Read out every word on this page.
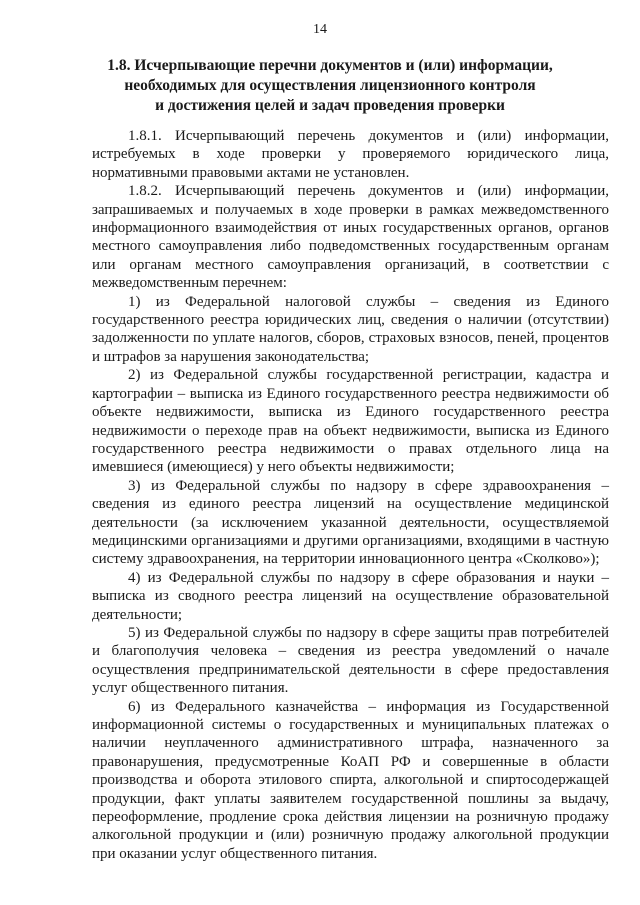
14
1.8. Исчерпывающие перечни документов и (или) информации,
необходимых для осуществления лицензионного контроля
и достижения целей и задач проведения проверки

1.8.1. Исчерпывающий перечень документов и (или) информации, истребуемых в ходе проверки у проверяемого юридического лица, нормативными правовыми актами не установлен.

1.8.2. Исчерпывающий перечень документов и (или) информации, запрашиваемых и получаемых в ходе проверки в рамках межведомственного информационного взаимодействия от иных государственных органов, органов местного самоуправления либо подведомственных государственным органам или органам местного самоуправления организаций, в соответствии с межведомственным перечнем:

1) из Федеральной налоговой службы – сведения из Единого государственного реестра юридических лиц, сведения о наличии (отсутствии) задолженности по уплате налогов, сборов, страховых взносов, пеней, процентов и штрафов за нарушения законодательства;

2) из Федеральной службы государственной регистрации, кадастра и картографии – выписка из Единого государственного реестра недвижимости об объекте недвижимости, выписка из Единого государственного реестра недвижимости о переходе прав на объект недвижимости, выписка из Единого государственного реестра недвижимости о правах отдельного лица на имевшиеся (имеющиеся) у него объекты недвижимости;

3) из Федеральной службы по надзору в сфере здравоохранения – сведения из единого реестра лицензий на осуществление медицинской деятельности (за исключением указанной деятельности, осуществляемой медицинскими организациями и другими организациями, входящими в частную систему здравоохранения, на территории инновационного центра «Сколково»);

4) из Федеральной службы по надзору в сфере образования и науки – выписка из сводного реестра лицензий на осуществление образовательной деятельности;

5) из Федеральной службы по надзору в сфере защиты прав потребителей и благополучия человека – сведения из реестра уведомлений о начале осуществления предпринимательской деятельности в сфере предоставления услуг общественного питания.

6) из Федерального казначейства – информация из Государственной информационной системы о государственных и муниципальных платежах о наличии неуплаченного административного штрафа, назначенного за правонарушения, предусмотренные КоАП РФ и совершенные в области производства и оборота этилового спирта, алкогольной и спиртосодержащей продукции, факт уплаты заявителем государственной пошлины за выдачу, переоформление, продление срока действия лицензии на розничную продажу алкогольной продукции и (или) розничную продажу алкогольной продукции при оказании услуг общественного питания.
